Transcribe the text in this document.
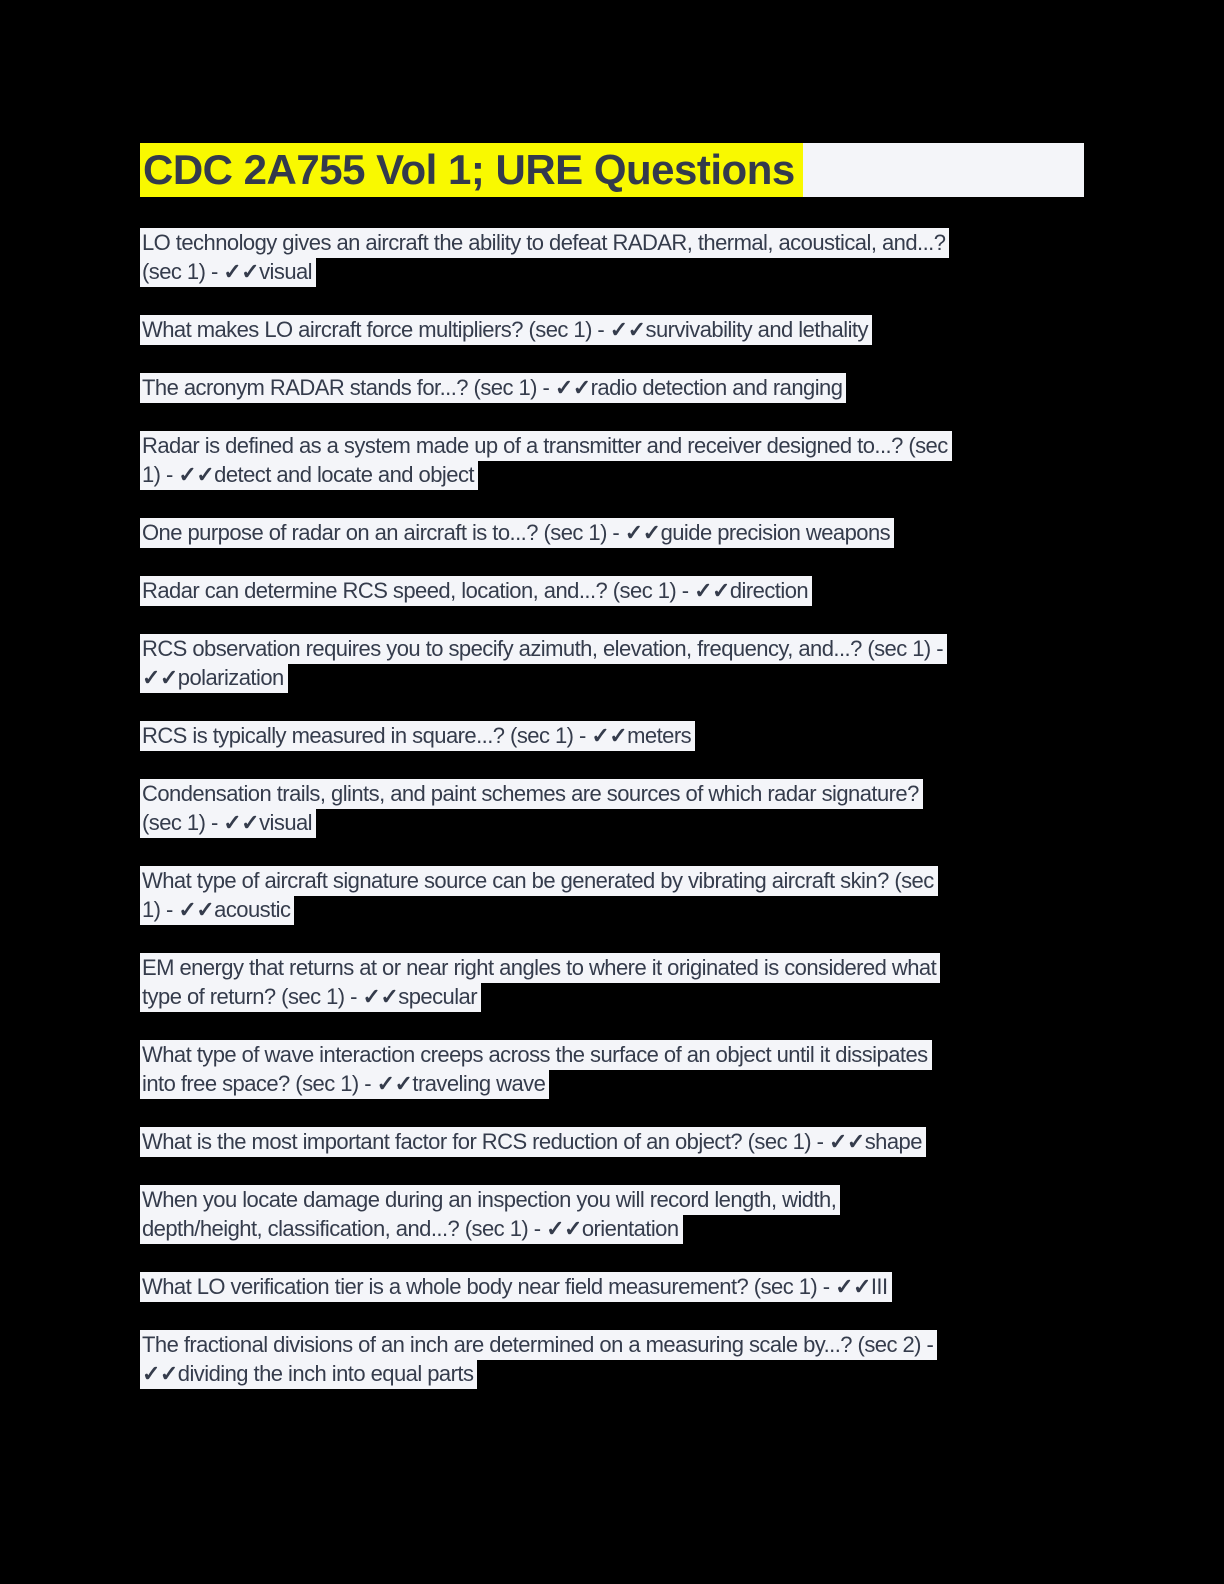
CDC 2A755 Vol 1; URE Questions

LO technology gives an aircraft the ability to defeat RADAR, thermal, acoustical, and...?
(sec 1) - ✓✓visual

What makes LO aircraft force multipliers? (sec 1) - ✓✓survivability and lethality

The acronym RADAR stands for...? (sec 1) - ✓✓radio detection and ranging

Radar is defined as a system made up of a transmitter and receiver designed to...? (sec
1) - ✓✓detect and locate and object

One purpose of radar on an aircraft is to...? (sec 1) - ✓✓guide precision weapons

Radar can determine RCS speed, location, and...? (sec 1) - ✓✓direction

RCS observation requires you to specify azimuth, elevation, frequency, and...? (sec 1) -
✓✓polarization

RCS is typically measured in square...? (sec 1) - ✓✓meters

Condensation trails, glints, and paint schemes are sources of which radar signature?
(sec 1) - ✓✓visual

What type of aircraft signature source can be generated by vibrating aircraft skin? (sec
1) - ✓✓acoustic

EM energy that returns at or near right angles to where it originated is considered what
type of return? (sec 1) - ✓✓specular

What type of wave interaction creeps across the surface of an object until it dissipates
into free space? (sec 1) - ✓✓traveling wave

What is the most important factor for RCS reduction of an object? (sec 1) - ✓✓shape

When you locate damage during an inspection you will record length, width,
depth/height, classification, and...? (sec 1) - ✓✓orientation

What LO verification tier is a whole body near field measurement? (sec 1) - ✓✓III

The fractional divisions of an inch are determined on a measuring scale by...? (sec 2) -
✓✓dividing the inch into equal parts
